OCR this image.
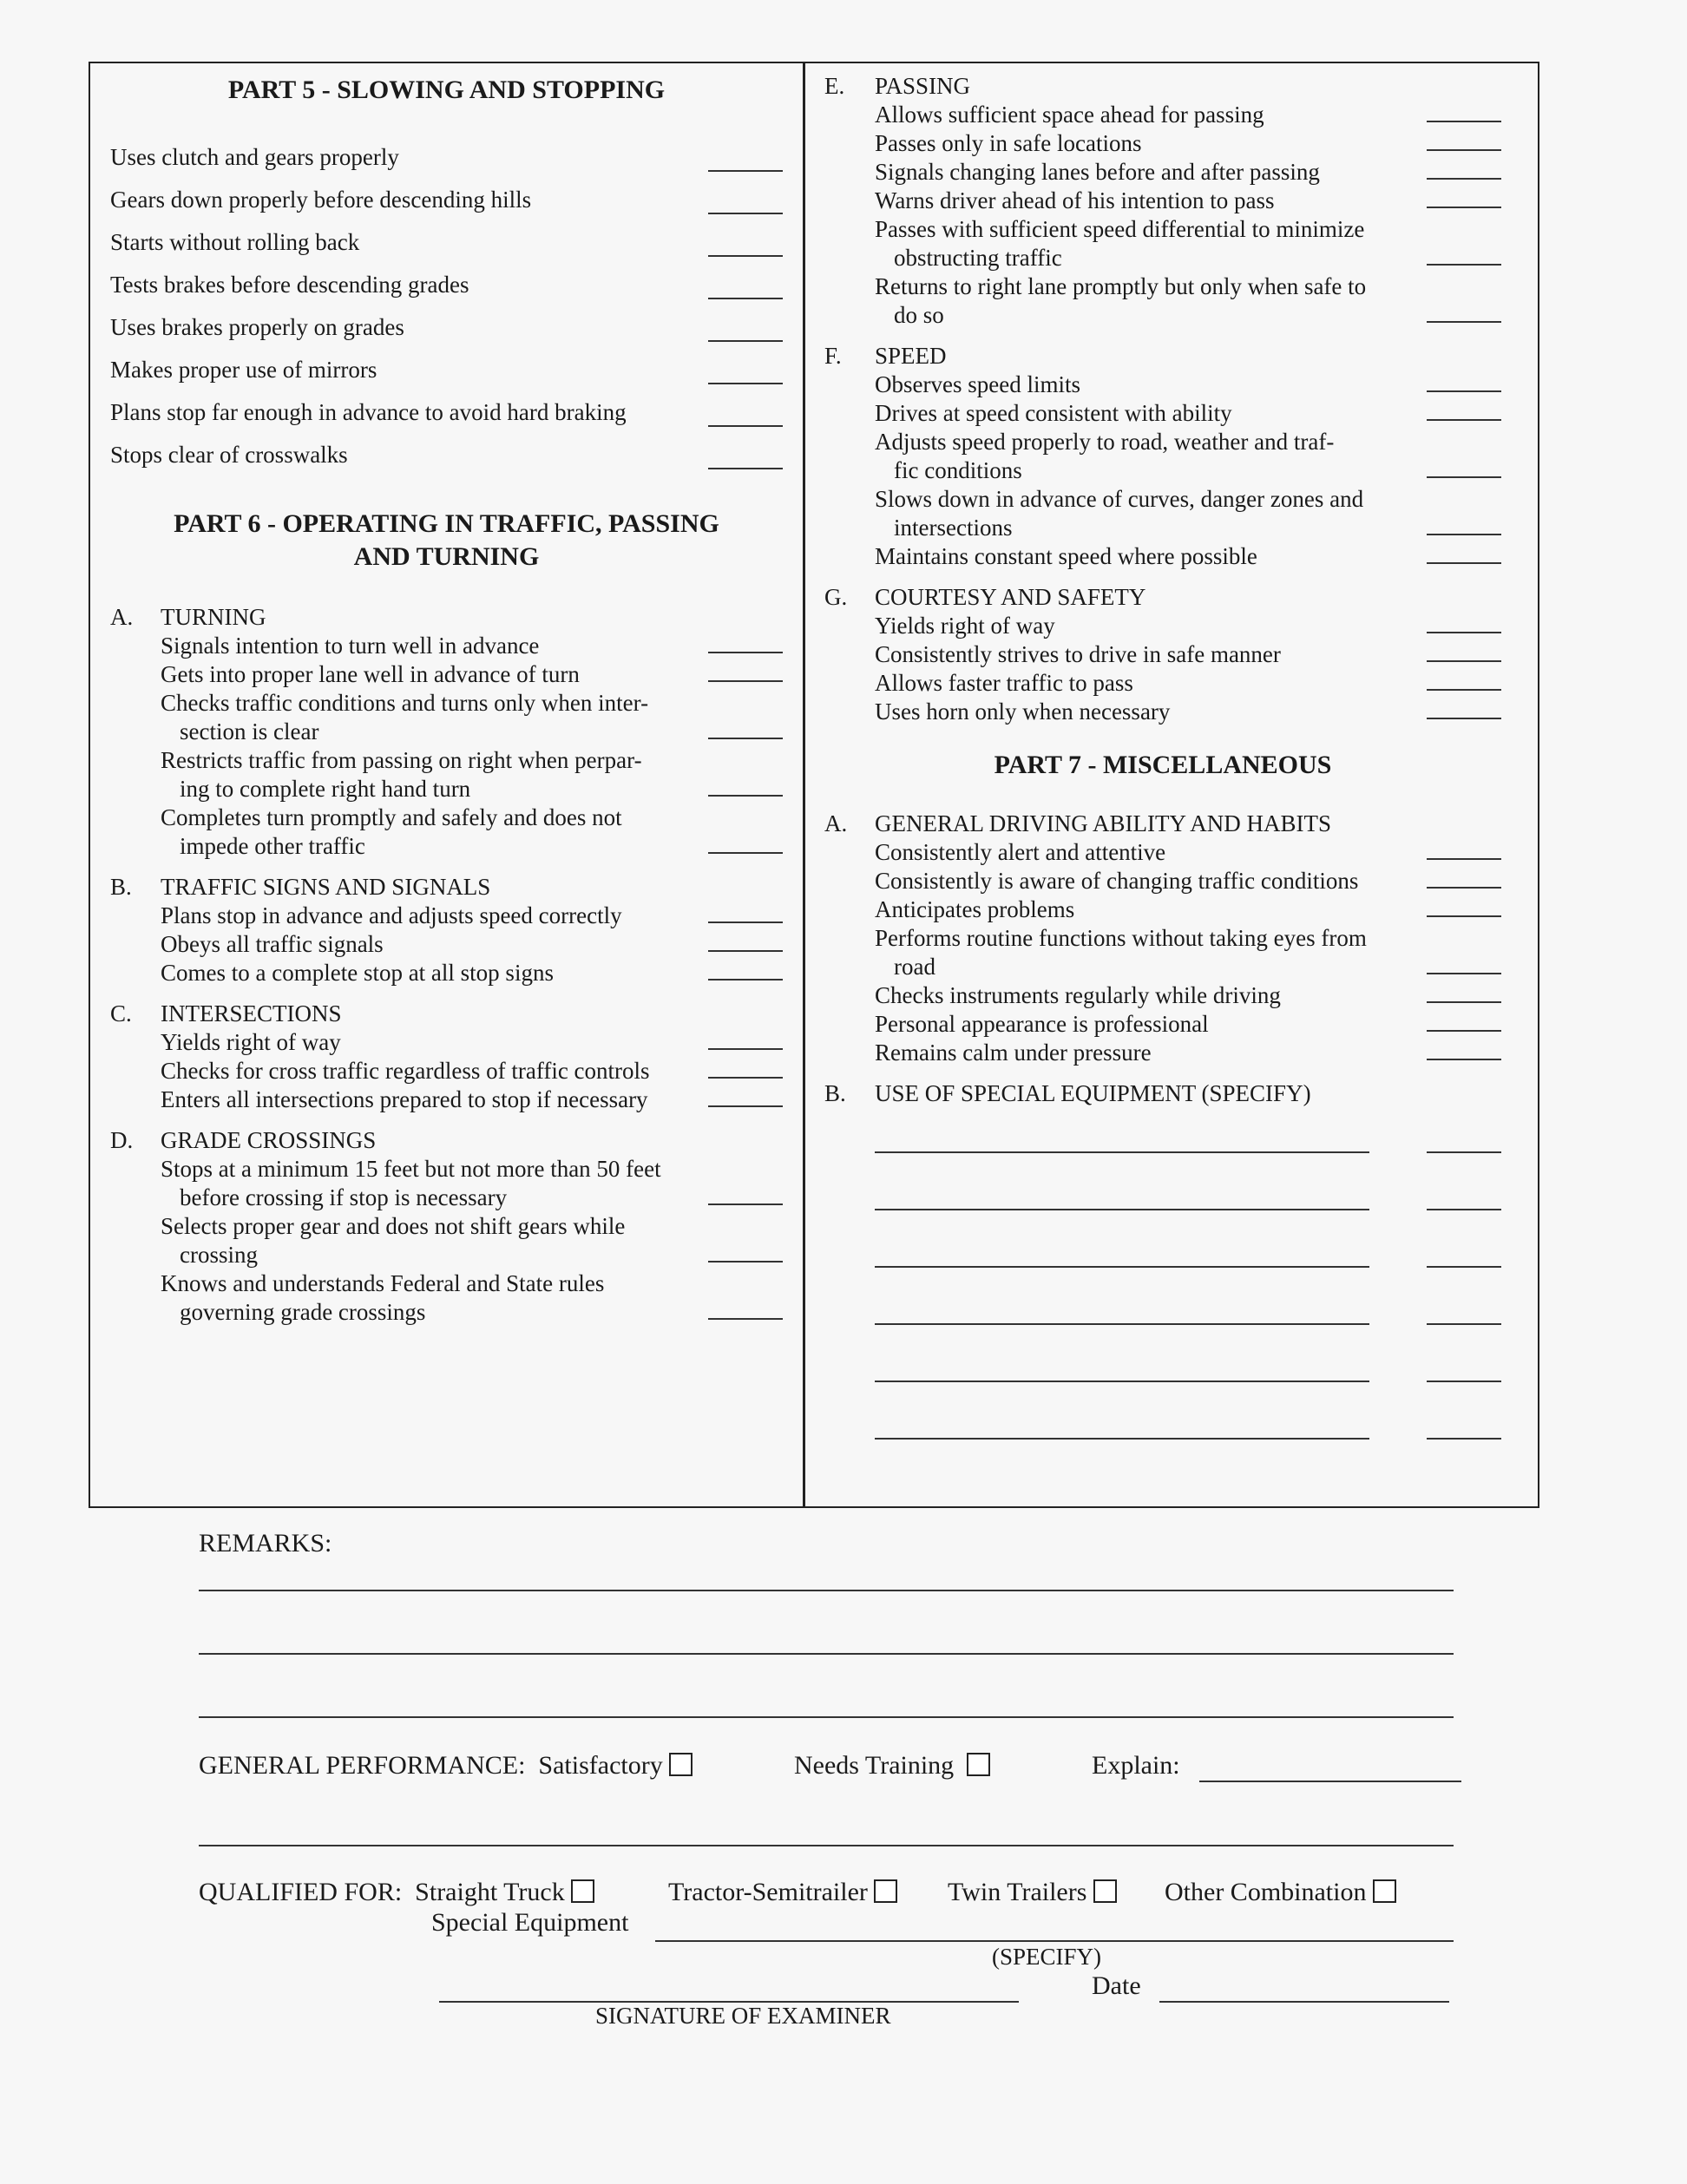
PART 5 - SLOWING AND STOPPING
Uses clutch and gears properly
Gears down properly before descending hills
Starts without rolling back
Tests brakes before descending grades
Uses brakes properly on grades
Makes proper use of mirrors
Plans stop far enough in advance to avoid hard braking
Stops clear of crosswalks
PART 6 - OPERATING IN TRAFFIC, PASSING
AND TURNING
A. TURNING
Signals intention to turn well in advance
Gets into proper lane well in advance of turn
Checks traffic conditions and turns only when inter-
section is clear
Restricts traffic from passing on right when perpar-
ing to complete right hand turn
Completes turn promptly and safely and does not
impede other traffic
B. TRAFFIC SIGNS AND SIGNALS
Plans stop in advance and adjusts speed correctly
Obeys all traffic signals
Comes to a complete stop at all stop signs
C. INTERSECTIONS
Yields right of way
Checks for cross traffic regardless of traffic controls
Enters all intersections prepared to stop if necessary
D. GRADE CROSSINGS
Stops at a minimum 15 feet but not more than 50 feet
before crossing if stop is necessary
Selects proper gear and does not shift gears while
crossing
Knows and understands Federal and State rules
governing grade crossings
E. PASSING
Allows sufficient space ahead for passing
Passes only in safe locations
Signals changing lanes before and after passing
Warns driver ahead of his intention to pass
Passes with sufficient speed differential to minimize
obstructing traffic
Returns to right lane promptly but only when safe to
do so
F. SPEED
Observes speed limits
Drives at speed consistent with ability
Adjusts speed properly to road, weather and traf-
fic conditions
Slows down in advance of curves, danger zones and
intersections
Maintains constant speed where possible
G. COURTESY AND SAFETY
Yields right of way
Consistently strives to drive in safe manner
Allows faster traffic to pass
Uses horn only when necessary
PART 7 - MISCELLANEOUS
A. GENERAL DRIVING ABILITY AND HABITS
Consistently alert and attentive
Consistently is aware of changing traffic conditions
Anticipates problems
Performs routine functions without taking eyes from
road
Checks instruments regularly while driving
Personal appearance is professional
Remains calm under pressure
B. USE OF SPECIAL EQUIPMENT (SPECIFY)
REMARKS:
GENERAL PERFORMANCE: Satisfactory	Needs Training	Explain:
QUALIFIED FOR: Straight Truck	Tractor-Semitrailer	Twin Trailers	Other Combination
Special Equipment
(SPECIFY)
Date
SIGNATURE OF EXAMINER
